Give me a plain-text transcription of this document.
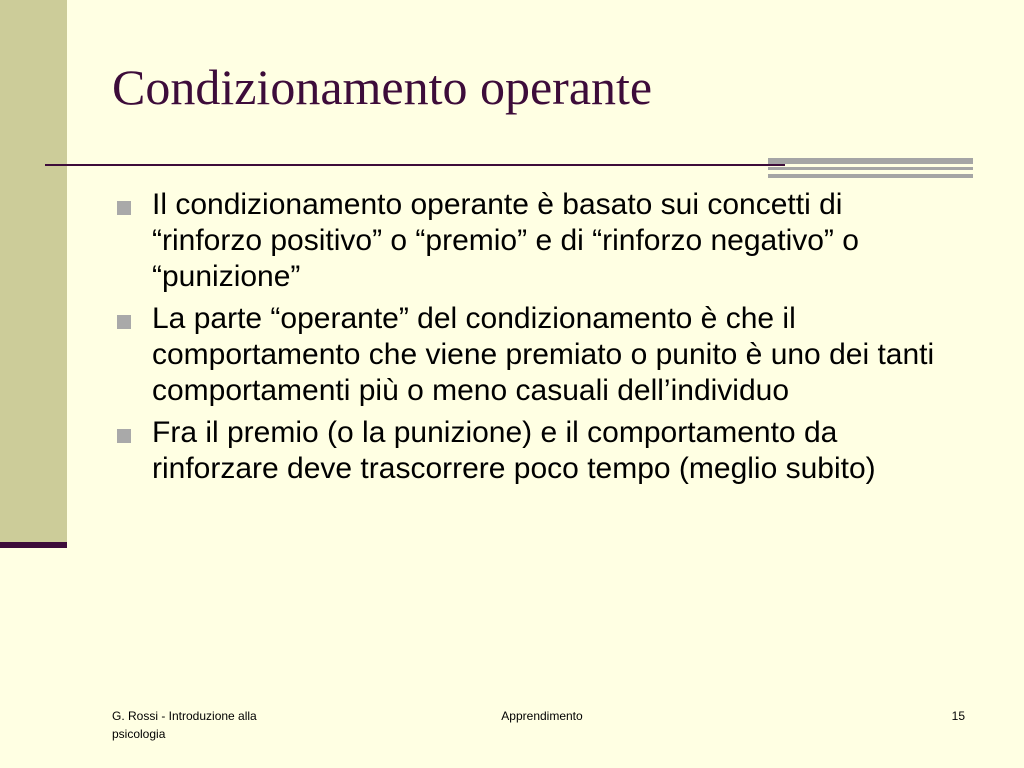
Condizionamento operante
Il condizionamento operante è basato sui concetti di “rinforzo positivo” o “premio” e di “rinforzo negativo” o “punizione”
La parte “operante” del condizionamento è che il comportamento che viene premiato o punito è uno dei tanti comportamenti più o meno casuali dell’individuo
Fra il premio (o la punizione) e il comportamento da rinforzare deve trascorrere poco tempo (meglio subito)
G. Rossi - Introduzione alla psicologia
Apprendimento	15
